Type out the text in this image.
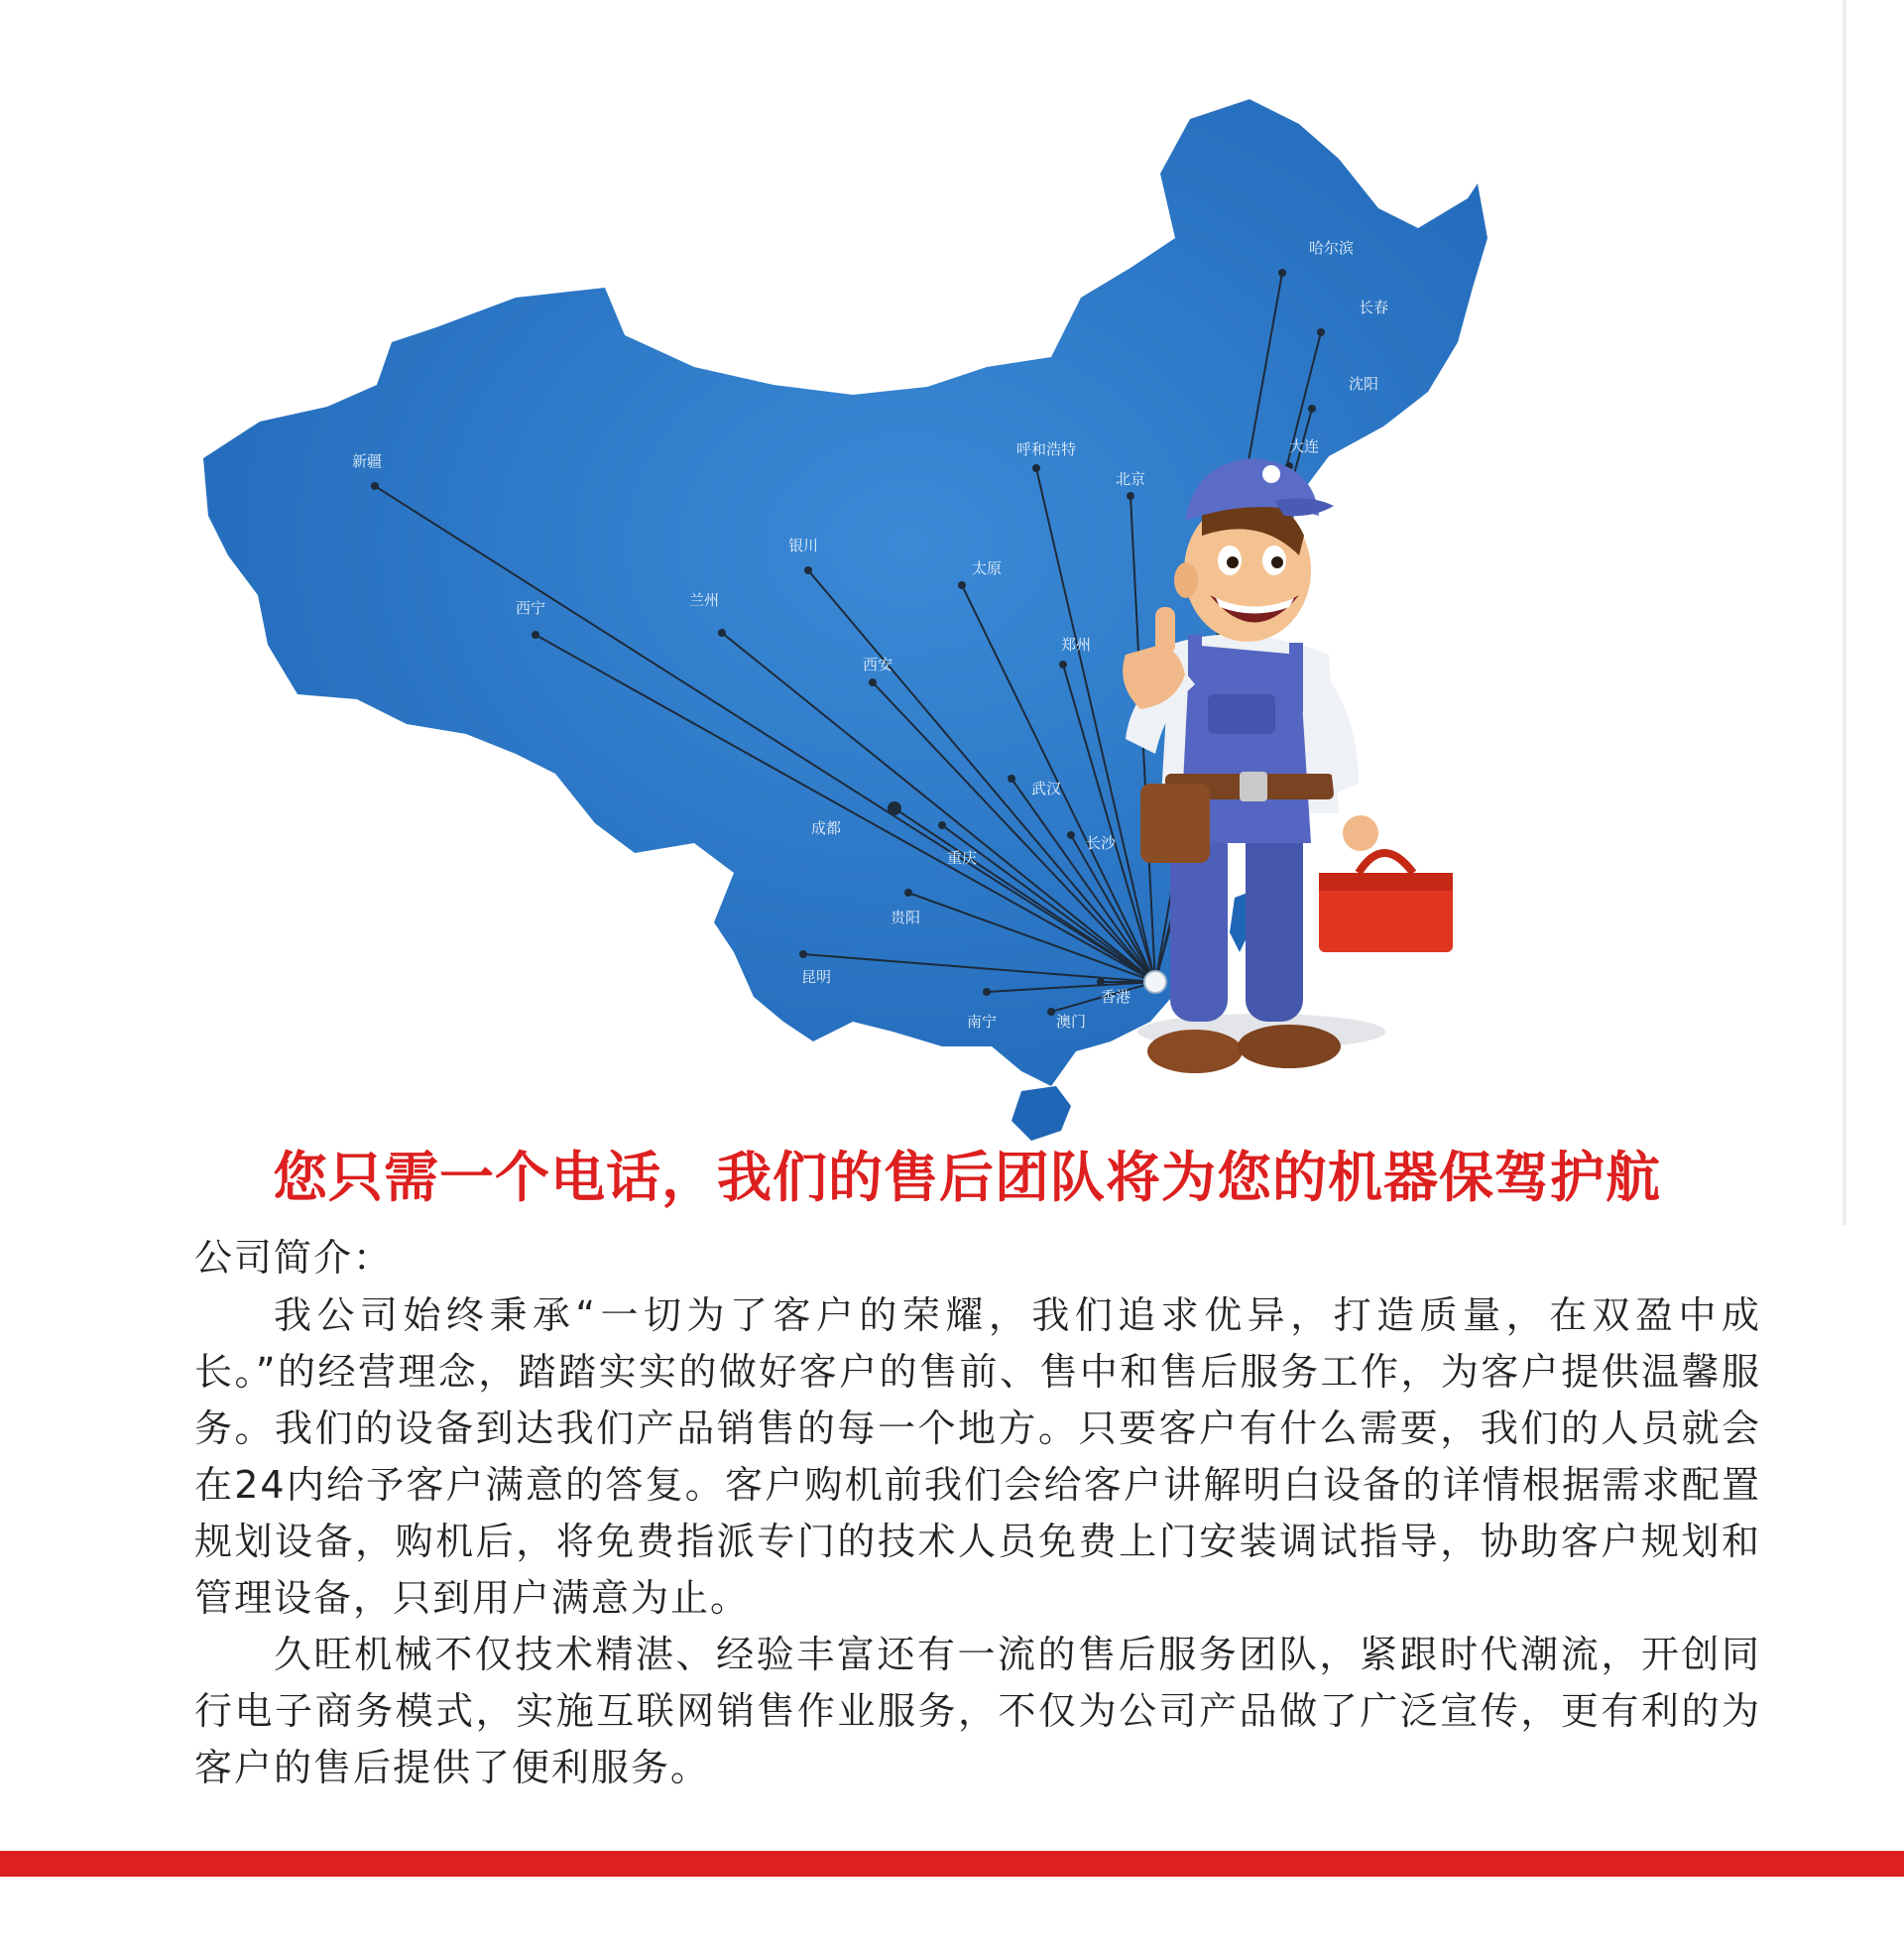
哈尔滨
长春
沈阳
大连
呼和浩特
北京
新疆
银川
太原
西宁	兰州
西安
郑州
武汉
成都
重庆
长沙
贵阳
昆明
南宁	澳门
香港
您只需一个电话，我们的售后团队将为您的机器保驾护航
公司简介：

我公司始终秉承“一切为了客户的荣耀，我们追求优异，打造质量，在双盈中成长。”的经营理念，踏踏实实的做好客户的售前、售中和售后服务工作，为客户提供温馨服务。我们的设备到达我们产品销售的每一个地方。只要客户有什么需要，我们的人员就会在24内给予客户满意的答复。客户购机前我们会给客户讲解明白设备的详情根据需求配置规划设备，购机后，将免费指派专门的技术人员免费上门安装调试指导，协助客户规划和管理设备，只到用户满意为止。

久旺机械不仅技术精湛、经验丰富还有一流的售后服务团队，紧跟时代潮流，开创同行电子商务模式，实施互联网销售作业服务，不仅为公司产品做了广泛宣传，更有利的为客户的售后提供了便利服务。
